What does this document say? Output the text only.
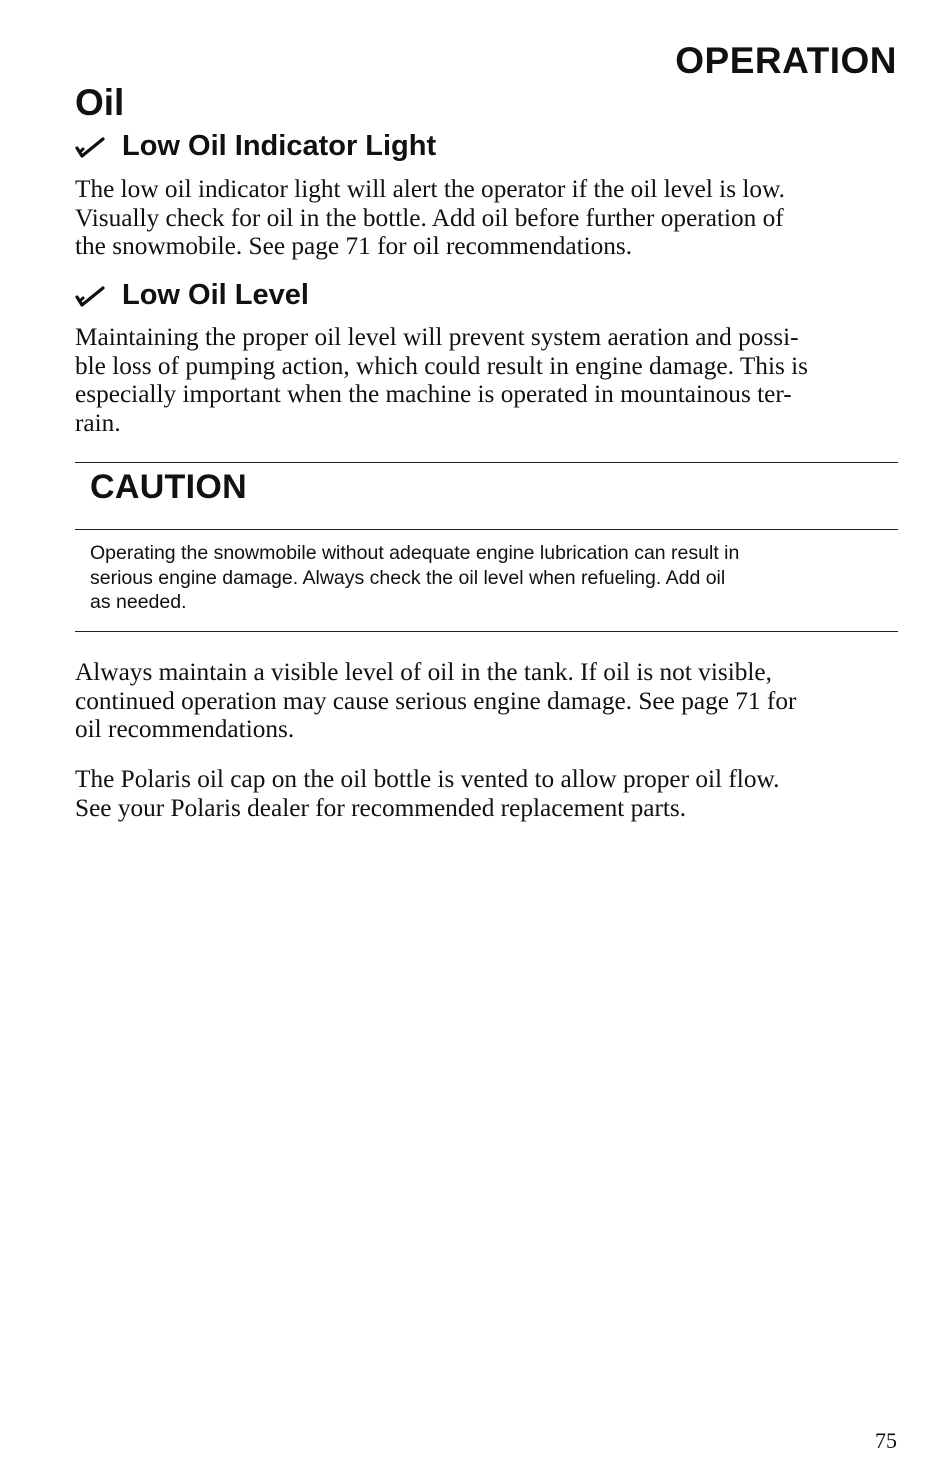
OPERATION
Oil
Low Oil Indicator Light

The low oil indicator light will alert the operator if the oil level is low.
Visually check for oil in the bottle. Add oil before further operation of
the snowmobile. See page 71 for oil recommendations.

Low Oil Level

Maintaining the proper oil level will prevent system aeration and possi-
ble loss of pumping action, which could result in engine damage. This is
especially important when the machine is operated in mountainous ter-
rain.

CAUTION

Operating the snowmobile without adequate engine lubrication can result in
serious engine damage. Always check the oil level when refueling. Add oil
as needed.

Always maintain a visible level of oil in the tank. If oil is not visible,
continued operation may cause serious engine damage. See page 71 for
oil recommendations.

The Polaris oil cap on the oil bottle is vented to allow proper oil flow.
See your Polaris dealer for recommended replacement parts.

75
